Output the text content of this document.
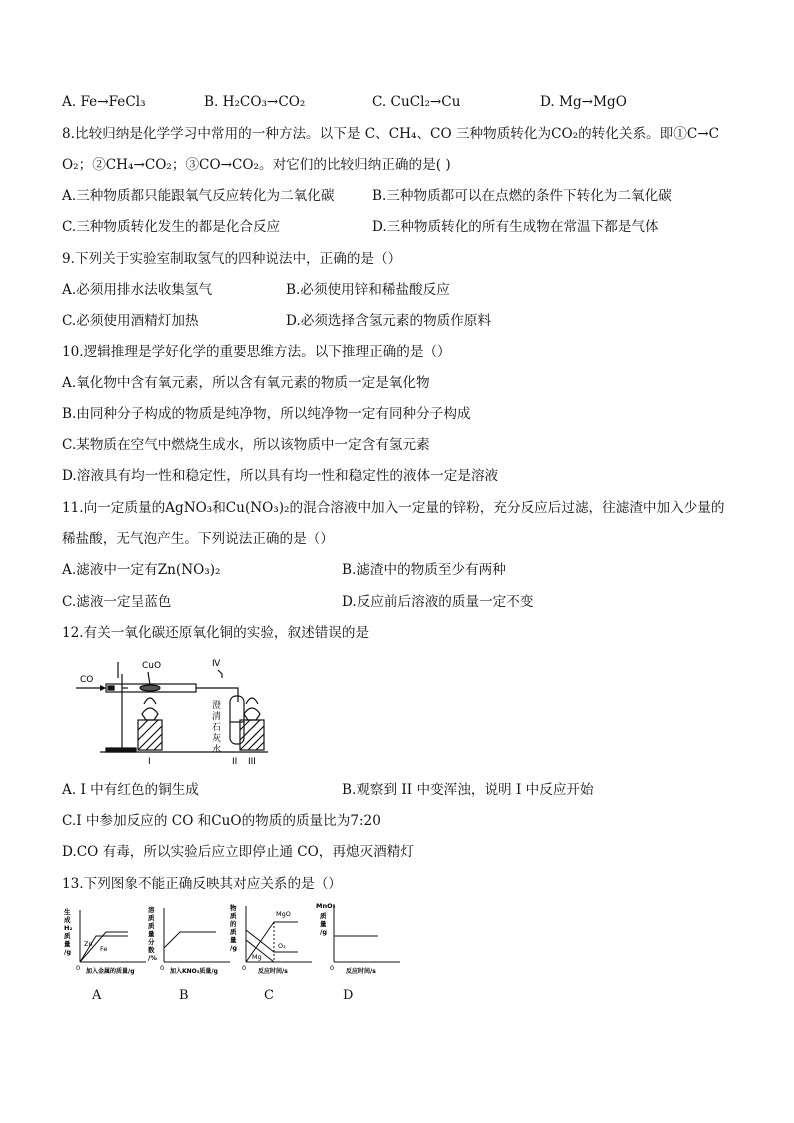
A. Fe→FeCl₃	B. H₂CO₃→CO₂	C. CuCl₂→Cu	D. Mg→MgO
8.比较归纳是化学学习中常用的一种方法。以下是 C、CH₄、CO 三种物质转化为CO₂的转化关系。即①C→C
O₂；②CH₄→CO₂；③CO→CO₂。对它们的比较归纳正确的是( )
A.三种物质都只能跟氧气反应转化为二氧化碳	B.三种物质都可以在点燃的条件下转化为二氧化碳
C.三种物质转化发生的都是化合反应	D.三种物质转化的所有生成物在常温下都是气体
9.下列关于实验室制取氢气的四种说法中，正确的是（）
A.必须用排水法收集氢气	B.必须使用锌和稀盐酸反应
C.必须使用酒精灯加热	D.必须选择含氢元素的物质作原料
10.逻辑推理是学好化学的重要思维方法。以下推理正确的是（）
A.氧化物中含有氧元素，所以含有氧元素的物质一定是氧化物
B.由同种分子构成的物质是纯净物，所以纯净物一定有同种分子构成
C.某物质在空气中燃烧生成水，所以该物质中一定含有氢元素
D.溶液具有均一性和稳定性，所以具有均一性和稳定性的液体一定是溶液
11.向一定质量的AgNO₃和Cu(NO₃)₂的混合溶液中加入一定量的锌粉，充分反应后过滤，往滤渣中加入少量的
稀盐酸，无气泡产生。下列说法正确的是（）
A.滤液中一定有Zn(NO₃)₂	B.滤渣中的物质至少有两种
C.滤液一定呈蓝色	D.反应前后溶液的质量一定不变
12.有关一氧化碳还原氧化铜的实验，叙述错误的是
CO
CuO	Ⅳ
澄
清
石
灰
水
I	II III
A. I 中有红色的铜生成	B.观察到 II 中变浑浊，说明 I 中反应开始
C.I 中参加反应的 CO 和CuO的物质的质量比为7:20
D.CO 有毒，所以实验后应立即停止通 CO，再熄灭酒精灯
13.下列图象不能正确反映其对应关系的是（）
生
成
H₂
质
量
/g
Zn
Fe
0 加入金属的质量/g
溶
质
质
量
分
数
/%
0 加入KNO₃质量/g
物
质
的
质
量
/g
MgO
O₂
Mg
0 反应时间/s
MnO₂
质
量
/g
0 反应时间/s
A	B	C	D
